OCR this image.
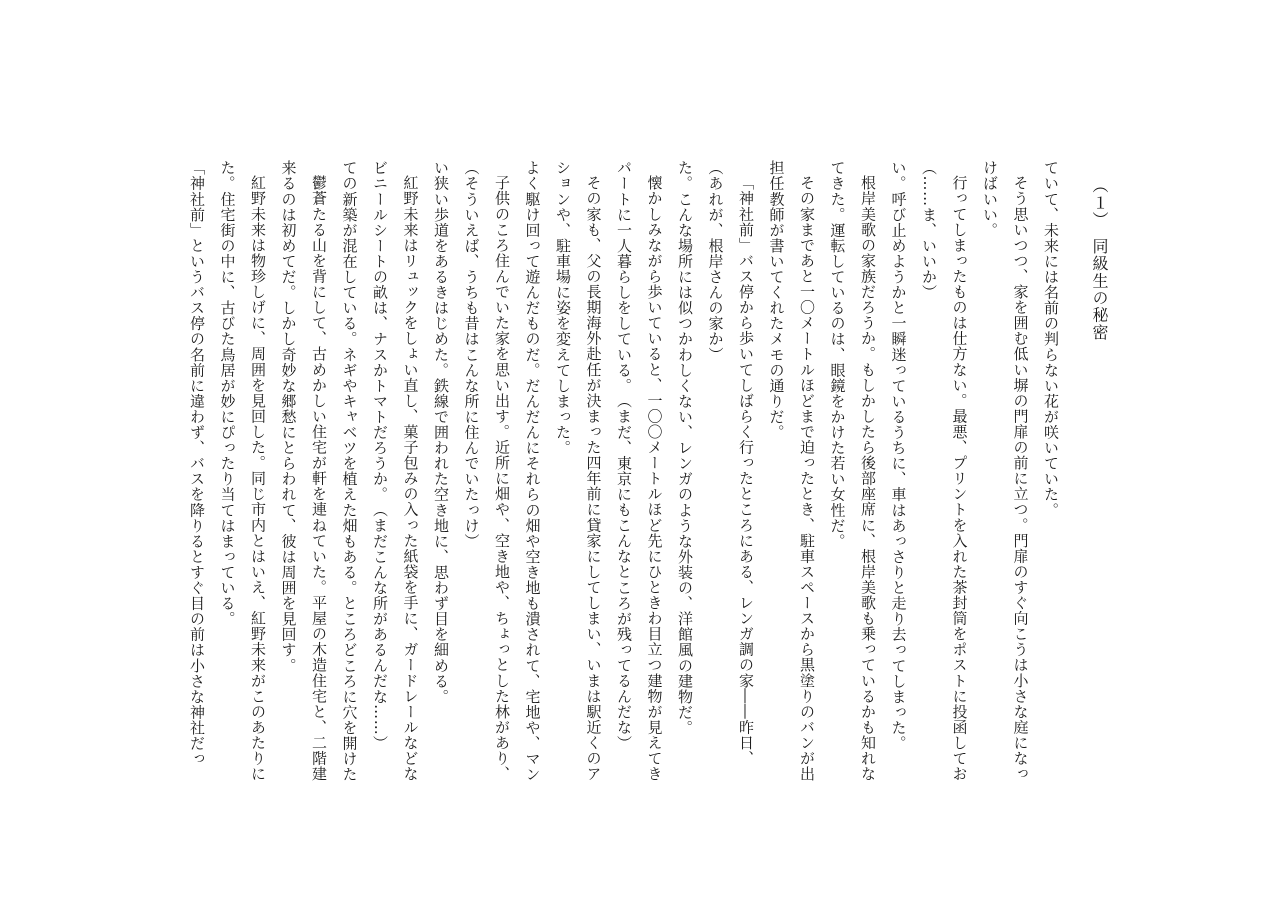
（１）　同級生の秘密
「神社前」というバス停の名前に違わず、バスを降りるとすぐ目の前は小さな神社だっ た。住宅街の中に、古びた鳥居が妙にぴったり当てはまっている。 紅野未来は物珍しげに、周囲を見回した。同じ市内とはいえ、紅野未来がこのあたりに 来るのは初めてだ。しかし奇妙な郷愁にとらわれて、彼は周囲を見回す。 鬱蒼たる山を背にして、古めかしい住宅が軒を連ねていた。平屋の木造住宅と、二階建 ての新築が混在している。ネギやキャベツを植えた畑もある。ところどころに穴を開けた ビニールシートの畝は、ナスかトマトだろうか。
（まだこんな所があるんだな……） 紅野未来はリュックをしょい直し、菓子包みの入った紙袋を手に、ガードレールなどな い狭い歩道をあるきはじめた。鉄線で囲われた空き地に、思わず目を細める。 （そういえば、うちも昔はこんな所に住んでいたっけ） 子供のころ住んでいた家を思い出す。近所に畑や、空き地や、ちょっとした林があり、 よく駆け回って遊んだものだ。だんだんにそれらの畑や空き地も潰されて、宅地や、マン ションや、駐車場に姿を変えてしまった。 その家も、父の長期海外赴任が決まった四年前に貸家にしてしまい、いまは駅近くのア パートに一人暮らしをしている。
（まだ、東京にもこんなところが残ってるんだな） 懐かしみながら歩いていると、一〇〇メートルほど先にひときわ目立つ建物が見えてき た。こんな場所には似つかわしくない、レンガのような外装の、洋館風の建物だ。 （あれが、根岸さんの家か） 「神社前」バス停から歩いてしばらく行ったところにある、レンガ調の家――昨日、 担任教師が書いてくれたメモの通りだ。 その家まであと一〇メートルほどまで迫ったとき、駐車スペースから黒塗りのバンが出 てきた。運転しているのは、眼鏡をかけた若い女性だ。 根岸美歌の家族だろうか。もしかしたら後部座席に、根岸美歌も乗っているかも知れな い。呼び止めようかと一瞬迷っているうちに、車はあっさりと走り去ってしまった。 （……ま、いいか） 行ってしまったものは仕方ない。最悪、プリントを入れた茶封筒をポストに投函してお けばいい。 そう思いつつ、家を囲む低い塀の門扉の前に立つ。門扉のすぐ向こうは小さな庭になっ ていて、未来には名前の判らない花が咲いていた。
